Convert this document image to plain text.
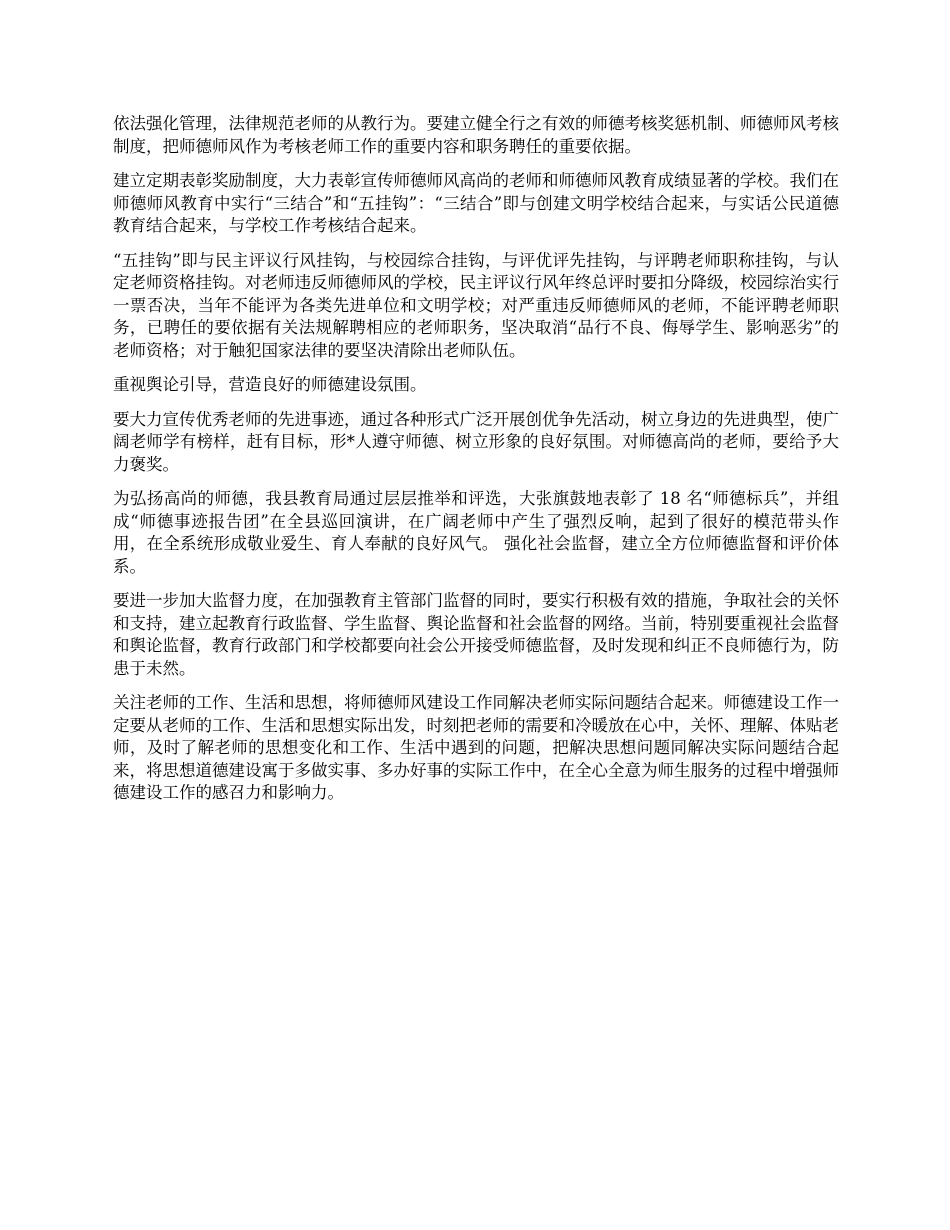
依法强化管理，法律规范老师的从教行为。要建立健全行之有效的师德考核奖惩机制、师德师风考核制度，把师德师风作为考核老师工作的重要内容和职务聘任的重要依据。

建立定期表彰奖励制度，大力表彰宣传师德师风高尚的老师和师德师风教育成绩显著的学校。我们在师德师风教育中实行“三结合”和“五挂钩”：“三结合”即与创建文明学校结合起来，与实话公民道德教育结合起来，与学校工作考核结合起来。

“五挂钩”即与民主评议行风挂钩，与校园综合挂钩，与评优评先挂钩，与评聘老师职称挂钩，与认定老师资格挂钩。对老师违反师德师风的学校，民主评议行风年终总评时要扣分降级，校园综治实行一票否决，当年不能评为各类先进单位和文明学校；对严重违反师德师风的老师，不能评聘老师职务，已聘任的要依据有关法规解聘相应的老师职务，坚决取消“品行不良、侮辱学生、影响恶劣”的老师资格；对于触犯国家法律的要坚决清除出老师队伍。

重视舆论引导，营造良好的师德建设氛围。

要大力宣传优秀老师的先进事迹，通过各种形式广泛开展创优争先活动，树立身边的先进典型，使广阔老师学有榜样，赶有目标，形*人遵守师德、树立形象的良好氛围。对师德高尚的老师，要给予大力褒奖。

为弘扬高尚的师德，我县教育局通过层层推举和评选，大张旗鼓地表彰了 18 名“师德标兵”，并组成“师德事迹报告团”在全县巡回演讲，在广阔老师中产生了强烈反响，起到了很好的模范带头作用，在全系统形成敬业爱生、育人奉献的良好风气。 强化社会监督，建立全方位师德监督和评价体系。

要进一步加大监督力度，在加强教育主管部门监督的同时，要实行积极有效的措施，争取社会的关怀和支持，建立起教育行政监督、学生监督、舆论监督和社会监督的网络。当前，特别要重视社会监督和舆论监督，教育行政部门和学校都要向社会公开接受师德监督，及时发现和纠正不良师德行为，防患于未然。

关注老师的工作、生活和思想，将师德师风建设工作同解决老师实际问题结合起来。师德建设工作一定要从老师的工作、生活和思想实际出发，时刻把老师的需要和冷暖放在心中，关怀、理解、体贴老师，及时了解老师的思想变化和工作、生活中遇到的问题，把解决思想问题同解决实际问题结合起来，将思想道德建设寓于多做实事、多办好事的实际工作中，在全心全意为师生服务的过程中增强师德建设工作的感召力和影响力。
